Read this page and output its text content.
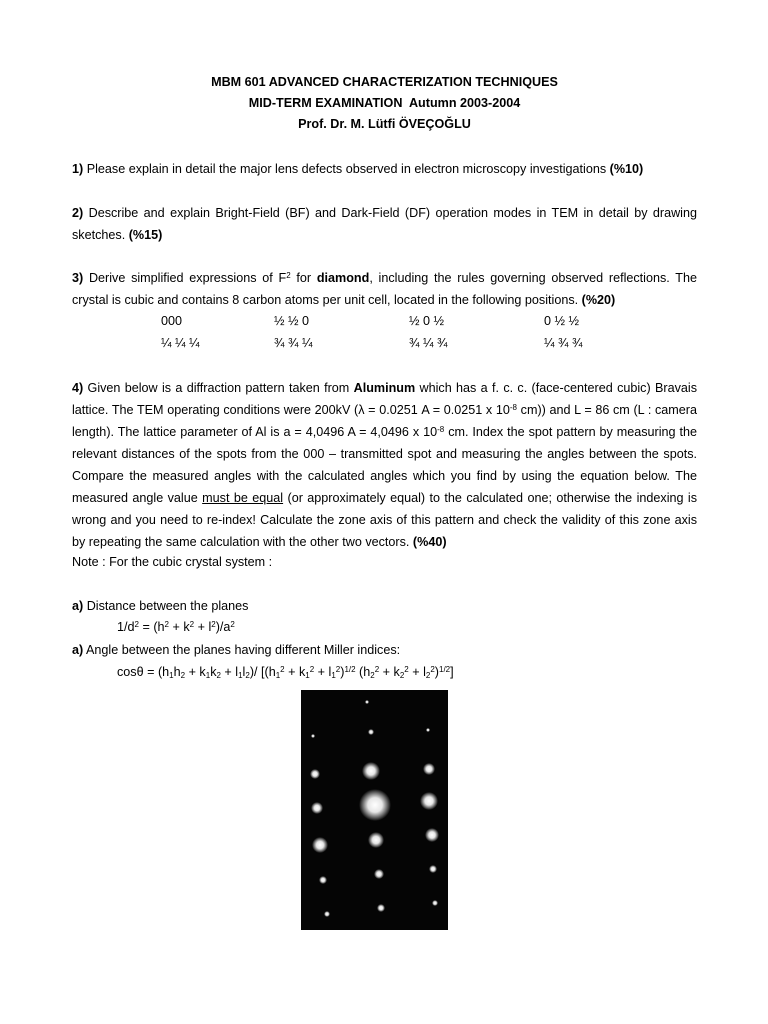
MBM 601 ADVANCED CHARACTERIZATION TECHNIQUES
MID-TERM EXAMINATION  Autumn 2003-2004
Prof. Dr. M. Lütfi ÖVEÇOĞLU
1) Please explain in detail the major lens defects observed in electron microscopy investigations (%10)
2) Describe and explain Bright-Field (BF) and Dark-Field (DF) operation modes in TEM in detail by drawing sketches. (%15)
3) Derive simplified expressions of $F^2$ for diamond, including the rules governing observed reflections. The crystal is cubic and contains 8 carbon atoms per unit cell, located in the following positions. (%20)
000	½ ½ 0	½ 0 ½	0 ½ ½
¼ ¼ ¼	¾ ¾ ¼	¾ ¼ ¾	¼ ¾ ¾
4) Given below is a diffraction pattern taken from Aluminum which has a f. c. c. (face-centered cubic) Bravais lattice. The TEM operating conditions were 200kV (λ = 0.0251 A = 0.0251 x $10^{-8}$ cm)) and L = 86 cm (L : camera length). The lattice parameter of Al is a = 4,0496 A = 4,0496 x $10^{-8}$ cm. Index the spot pattern by measuring the relevant distances of the spots from the 000 – transmitted spot and measuring the angles between the spots. Compare the measured angles with the calculated angles which you find by using the equation below. The measured angle value must be equal (or approximately equal) to the calculated one; otherwise the indexing is wrong and you need to re-index! Calculate the zone axis of this pattern and check the validity of this zone axis by repeating the same calculation with the other two vectors. (%40)
Note : For the cubic crystal system :
a) Distance between the planes
$1/d^2 = (h^2 + k^2 + l^2)/a^2$
a) Angle between the planes having different Miller indices:
$\cos\theta = (h_1h_2 + k_1k_2 + l_1l_2)/$ [$(h_1^2 + k_1^2 + l_1^2)^{1/2}$ $(h_2^2 + k_2^2 + l_2^2)^{1/2}$]
